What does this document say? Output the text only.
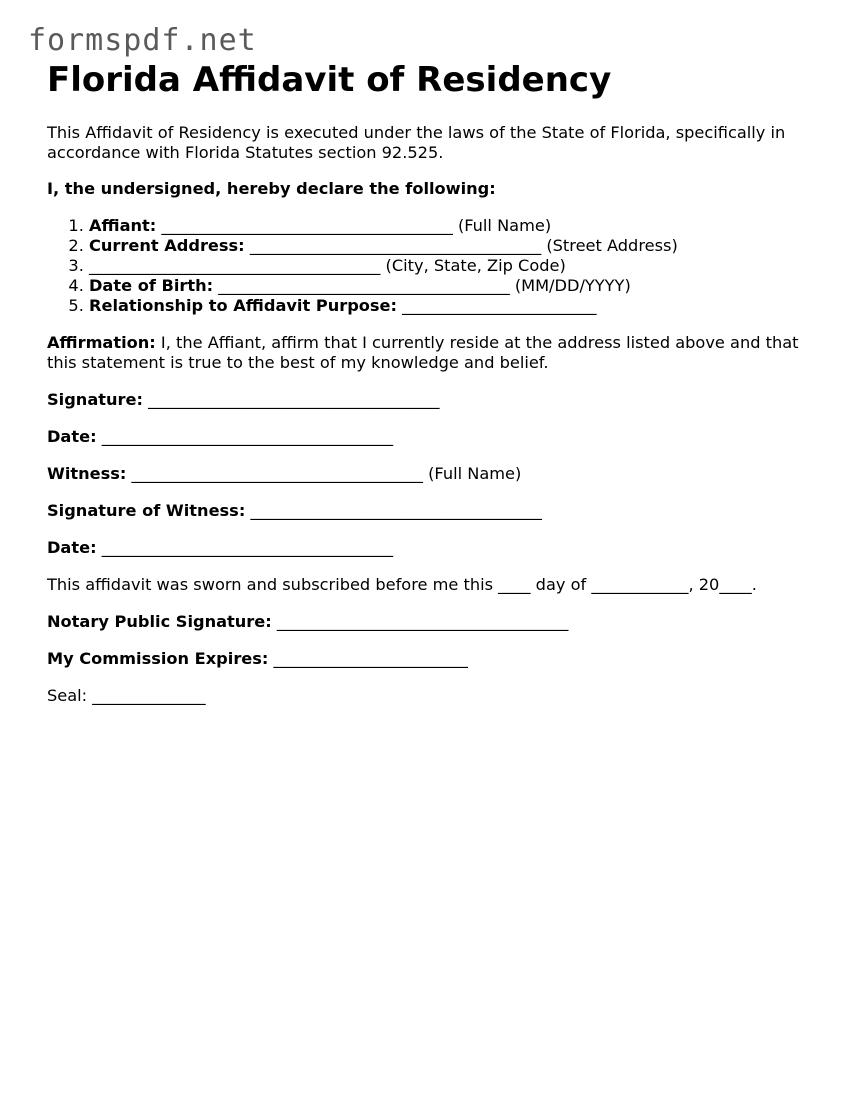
formspdf.net
Florida Affidavit of Residency

This Affidavit of Residency is executed under the laws of the State of Florida, specifically in accordance with Florida Statutes section 92.525.

I, the undersigned, hereby declare the following:

1. Affiant: ____________________________________ (Full Name)
2. Current Address: ____________________________________ (Street Address)
3. ____________________________________ (City, State, Zip Code)
4. Date of Birth: ____________________________________ (MM/DD/YYYY)
5. Relationship to Affidavit Purpose: ________________________

Affirmation: I, the Affiant, affirm that I currently reside at the address listed above and that this statement is true to the best of my knowledge and belief.

Signature: ____________________________________

Date: ____________________________________

Witness: ____________________________________ (Full Name)

Signature of Witness: ____________________________________

Date: ____________________________________

This affidavit was sworn and subscribed before me this ____ day of ____________, 20____.

Notary Public Signature: ____________________________________

My Commission Expires: ________________________

Seal: ______________
